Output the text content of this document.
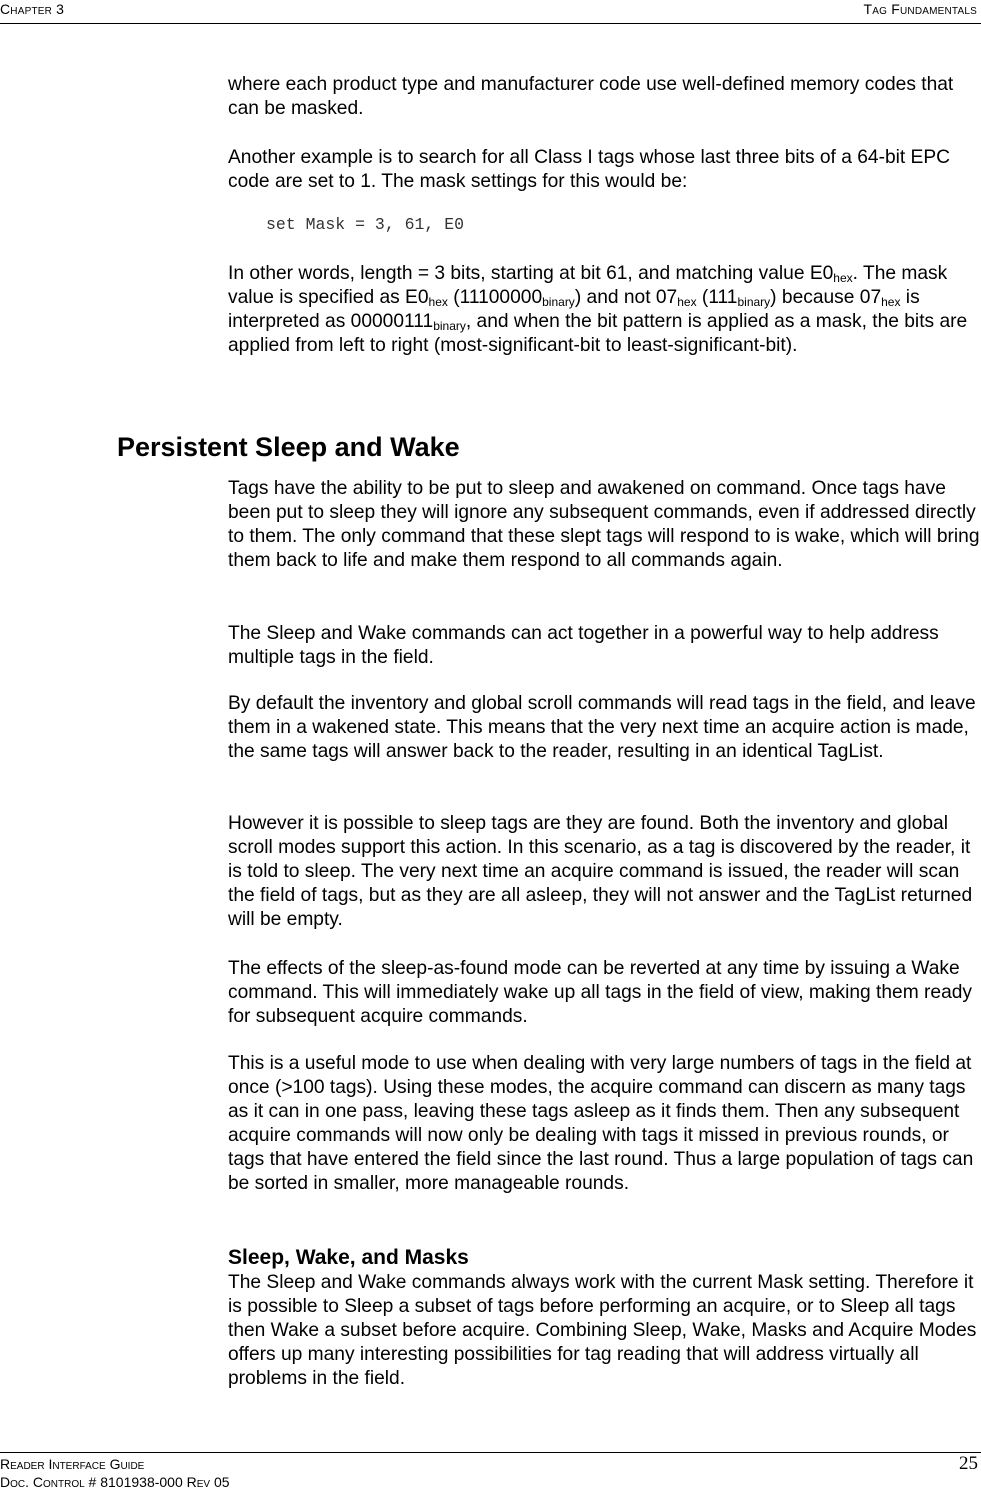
Chapter 3	Tag Fundamentals

where each product type and manufacturer code use well-defined memory codes that can be masked.

Another example is to search for all Class I tags whose last three bits of a 64-bit EPC code are set to 1. The mask settings for this would be:

set Mask = 3, 61, E0

In other words, length = 3 bits, starting at bit 61, and matching value $E0_{hex}$. The mask value is specified as $E0_{hex}$ $(11100000_{binary})$ and not $07_{hex}$ $(111_{binary})$ because $07_{hex}$ is interpreted as $00000111_{binary}$, and when the bit pattern is applied as a mask, the bits are applied from left to right (most-significant-bit to least-significant-bit).

Persistent Sleep and Wake

Tags have the ability to be put to sleep and awakened on command. Once tags have been put to sleep they will ignore any subsequent commands, even if addressed directly to them. The only command that these slept tags will respond to is wake, which will bring them back to life and make them respond to all commands again.

The Sleep and Wake commands can act together in a powerful way to help address multiple tags in the field.

By default the inventory and global scroll commands will read tags in the field, and leave them in a wakened state. This means that the very next time an acquire action is made, the same tags will answer back to the reader, resulting in an identical TagList.

However it is possible to sleep tags are they are found. Both the inventory and global scroll modes support this action. In this scenario, as a tag is discovered by the reader, it is told to sleep. The very next time an acquire command is issued, the reader will scan the field of tags, but as they are all asleep, they will not answer and the TagList returned will be empty.

The effects of the sleep-as-found mode can be reverted at any time by issuing a Wake command. This will immediately wake up all tags in the field of view, making them ready for subsequent acquire commands.

This is a useful mode to use when dealing with very large numbers of tags in the field at once (>100 tags). Using these modes, the acquire command can discern as many tags as it can in one pass, leaving these tags asleep as it finds them. Then any subsequent acquire commands will now only be dealing with tags it missed in previous rounds, or tags that have entered the field since the last round. Thus a large population of tags can be sorted in smaller, more manageable rounds.

Sleep, Wake, and Masks

The Sleep and Wake commands always work with the current Mask setting. Therefore it is possible to Sleep a subset of tags before performing an acquire, or to Sleep all tags then Wake a subset before acquire. Combining Sleep, Wake, Masks and Acquire Modes offers up many interesting possibilities for tag reading that will address virtually all problems in the field.

Reader Interface Guide
Doc. Control # 8101938-000 Rev 05
25
